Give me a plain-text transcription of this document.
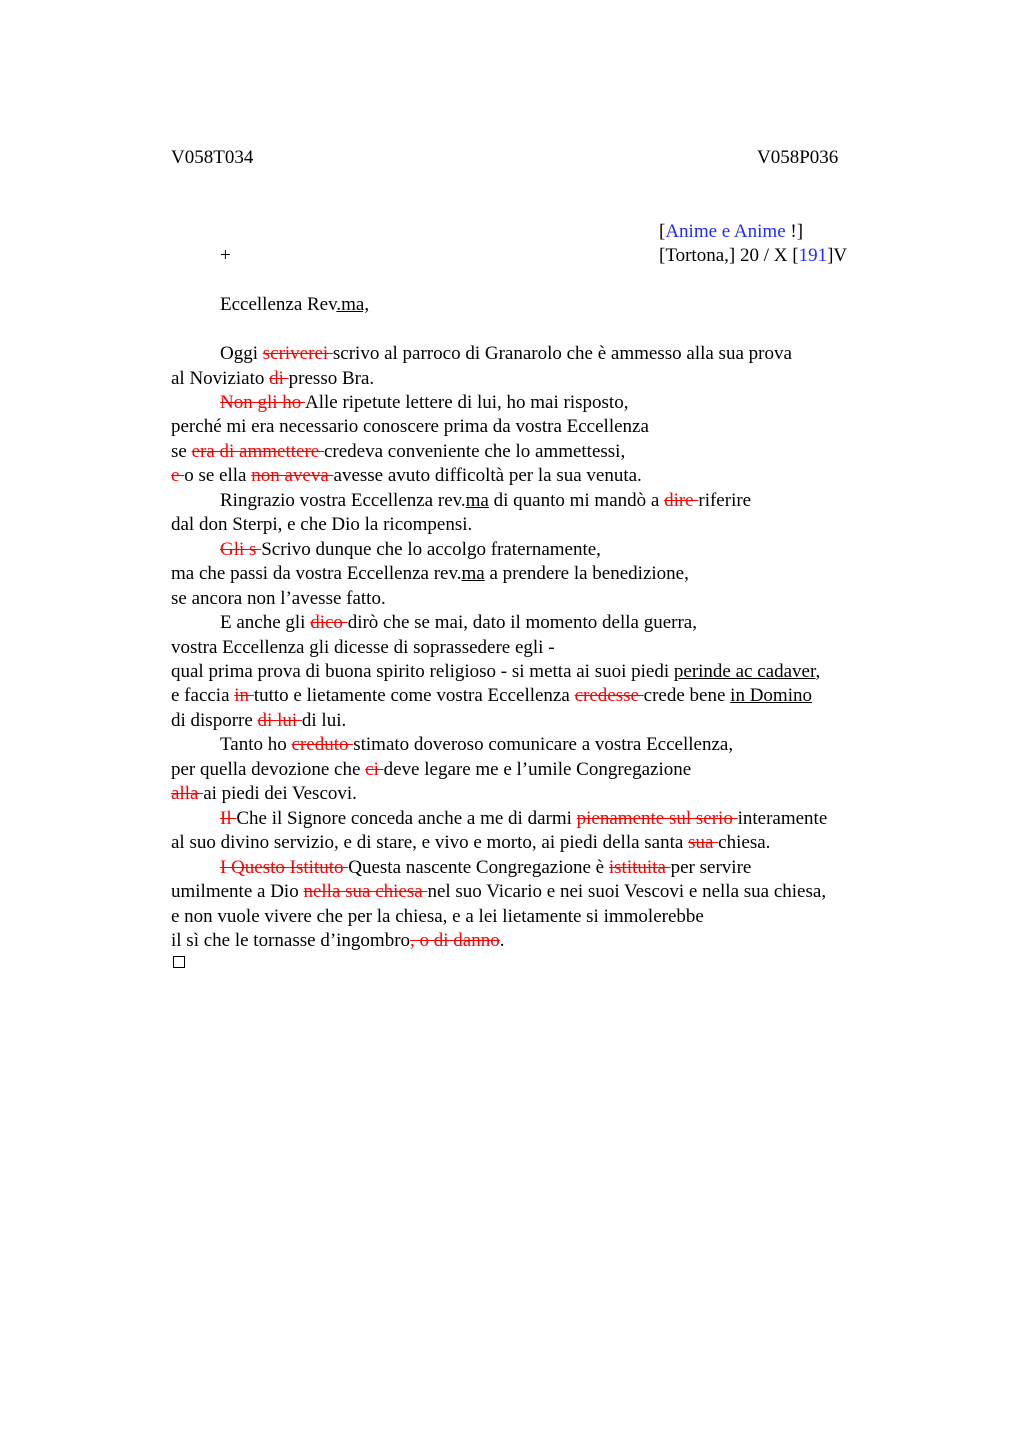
V058T034	V058P036
[Anime e Anime !]
+	[Tortona,] 20 / X [191]V
Eccellenza Rev.ma,
Oggi scriverei scrivo al parroco di Granarolo che è ammesso alla sua prova
al Noviziato di presso Bra.
Non gli ho Alle ripetute lettere di lui, ho mai risposto,
perché mi era necessario conoscere prima da vostra Eccellenza
se era di ammettere credeva conveniente che lo ammettessi,
e o se ella non aveva avesse avuto difficoltà per la sua venuta.
Ringrazio vostra Eccellenza rev.ma di quanto mi mandò a dire riferire
dal don Sterpi, e che Dio la ricompensi.
Gli s Scrivo dunque che lo accolgo fraternamente,
ma che passi da vostra Eccellenza rev.ma a prendere la benedizione,
se ancora non l’avesse fatto.
E anche gli dico dirò che se mai, dato il momento della guerra,
vostra Eccellenza gli dicesse di soprassedere egli -
qual prima prova di buona spirito religioso - si metta ai suoi piedi perinde ac cadaver,
e faccia in tutto e lietamente come vostra Eccellenza credesse crede bene in Domino
di disporre di lui di lui.
Tanto ho creduto stimato doveroso comunicare a vostra Eccellenza,
per quella devozione che ci deve legare me e l’umile Congregazione
alla ai piedi dei Vescovi.
Il Che il Signore conceda anche a me di darmi pienamente sul serio interamente
al suo divino servizio, e di stare, e vivo e morto, ai piedi della santa sua chiesa.
I Questo Istituto Questa nascente Congregazione è istituita per servire
umilmente a Dio nella sua chiesa nel suo Vicario e nei suoi Vescovi e nella sua chiesa,
e non vuole vivere che per la chiesa, e a lei lietamente si immolerebbe
il sì che le tornasse d’ingombro, o di danno.
